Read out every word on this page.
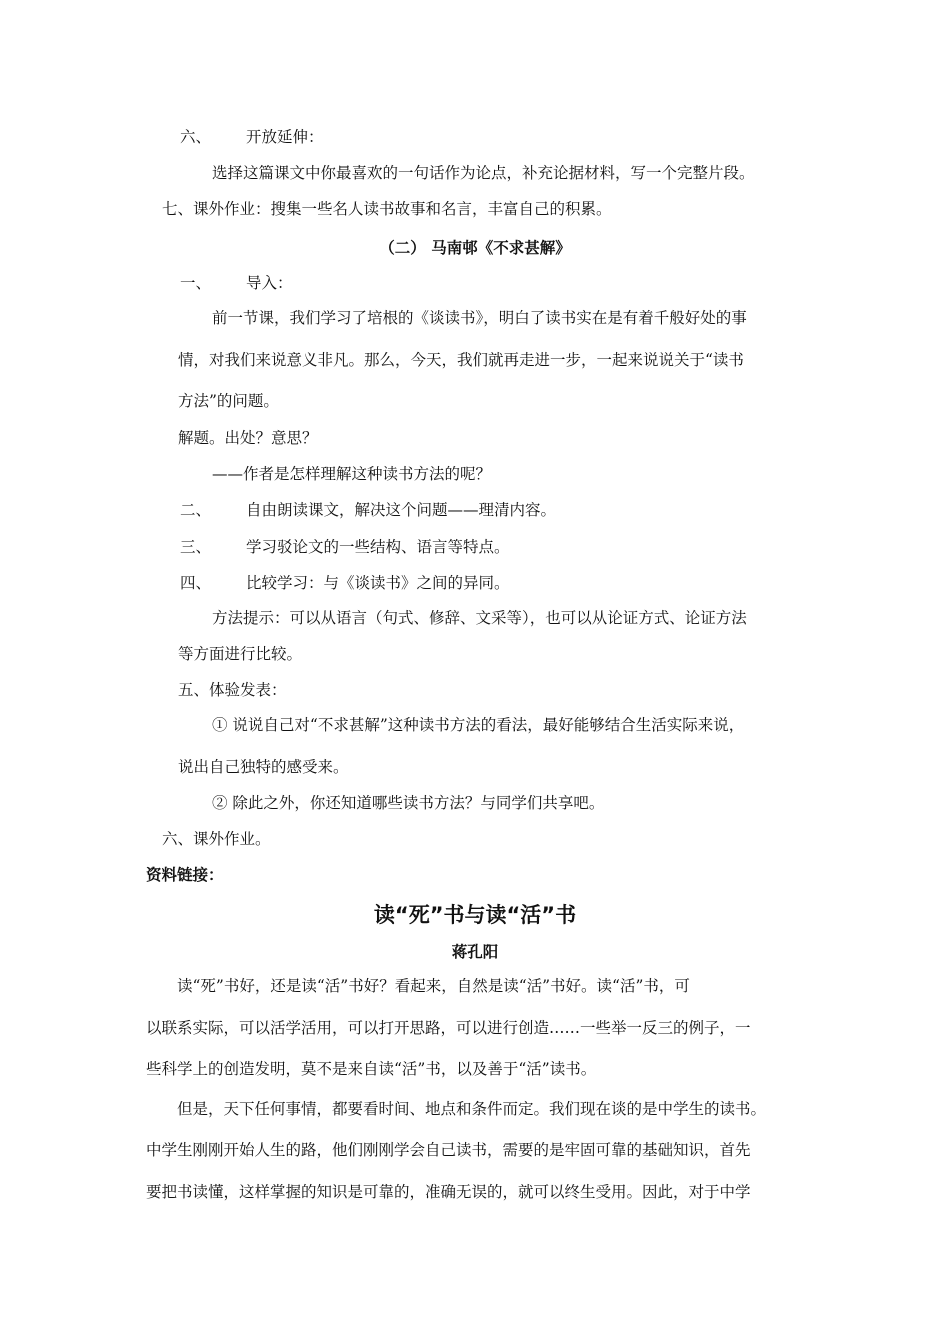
六、 开放延伸：
选择这篇课文中你最喜欢的一句话作为论点，补充论据材料，写一个完整片段。
七、课外作业：搜集一些名人读书故事和名言，丰富自己的积累。
（二） 马南邨《不求甚解》
一、 导入：
前一节课，我们学习了培根的《谈读书》，明白了读书实在是有着千般好处的事
情，对我们来说意义非凡。那么，今天，我们就再走进一步，一起来说说关于“读书
方法”的问题。
解题。出处？意思？
——作者是怎样理解这种读书方法的呢？
二、 自由朗读课文，解决这个问题——理清内容。
三、 学习驳论文的一些结构、语言等特点。
四、 比较学习：与《谈读书》之间的异同。
方法提示：可以从语言（句式、修辞、文采等），也可以从论证方式、论证方法
等方面进行比较。
五、体验发表：
① 说说自己对“不求甚解”这种读书方法的看法，最好能够结合生活实际来说，
说出自己独特的感受来。
② 除此之外，你还知道哪些读书方法？与同学们共享吧。
六、课外作业。
资料链接：
读“死”书与读“活”书
蒋孔阳
读“死”书好，还是读“活”书好？看起来，自然是读“活”书好。读“活”书，可
以联系实际，可以活学活用，可以打开思路，可以进行创造……一些举一反三的例子，一
些科学上的创造发明，莫不是来自读“活”书，以及善于“活”读书。
但是，天下任何事情，都要看时间、地点和条件而定。我们现在谈的是中学生的读书。
中学生刚刚开始人生的路，他们刚刚学会自己读书，需要的是牢固可靠的基础知识，首先
要把书读懂，这样掌握的知识是可靠的，准确无误的，就可以终生受用。因此，对于中学
